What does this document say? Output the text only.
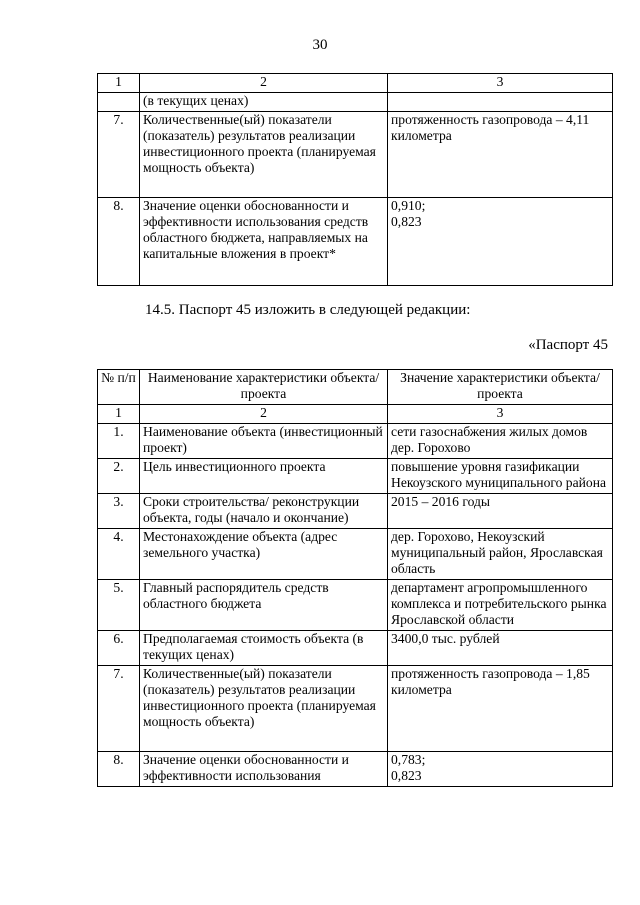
30
1	2	3
	(в текущих ценах)	
7.	Количественные(ый) показатели (показатель) результатов реализации инвестиционного проекта (планируемая мощность объекта)	протяженность газопровода – 4,11 километра
8.	Значение оценки обоснованности и эффективности использования средств областного бюджета, направляемых на капитальные вложения в проект*	0,910;
0,823
14.5. Паспорт 45 изложить в следующей редакции:
«Паспорт 45
№ п/п	Наименование характеристики объекта/проекта	Значение характеристики объекта/проекта
1	2	3
1.	Наименование объекта (инвестиционный проект)	сети газоснабжения жилых домов дер. Горохово
2.	Цель инвестиционного проекта	повышение уровня газификации Некоузского муниципального района
3.	Сроки строительства/ реконструкции объекта, годы (начало и окончание)	2015 – 2016 годы
4.	Местонахождение объекта (адрес земельного участка)	дер. Горохово, Некоузский муниципальный район, Ярославская область
5.	Главный распорядитель средств областного бюджета	департамент агропромышленного комплекса и потребительского рынка Ярославской области
6.	Предполагаемая стоимость объекта (в текущих ценах)	3400,0 тыс. рублей
7.	Количественные(ый) показатели (показатель) результатов реализации инвестиционного проекта (планируемая мощность объекта)	протяженность газопровода – 1,85 километра
8.	Значение оценки обоснованности и эффективности использования	0,783;
0,823
